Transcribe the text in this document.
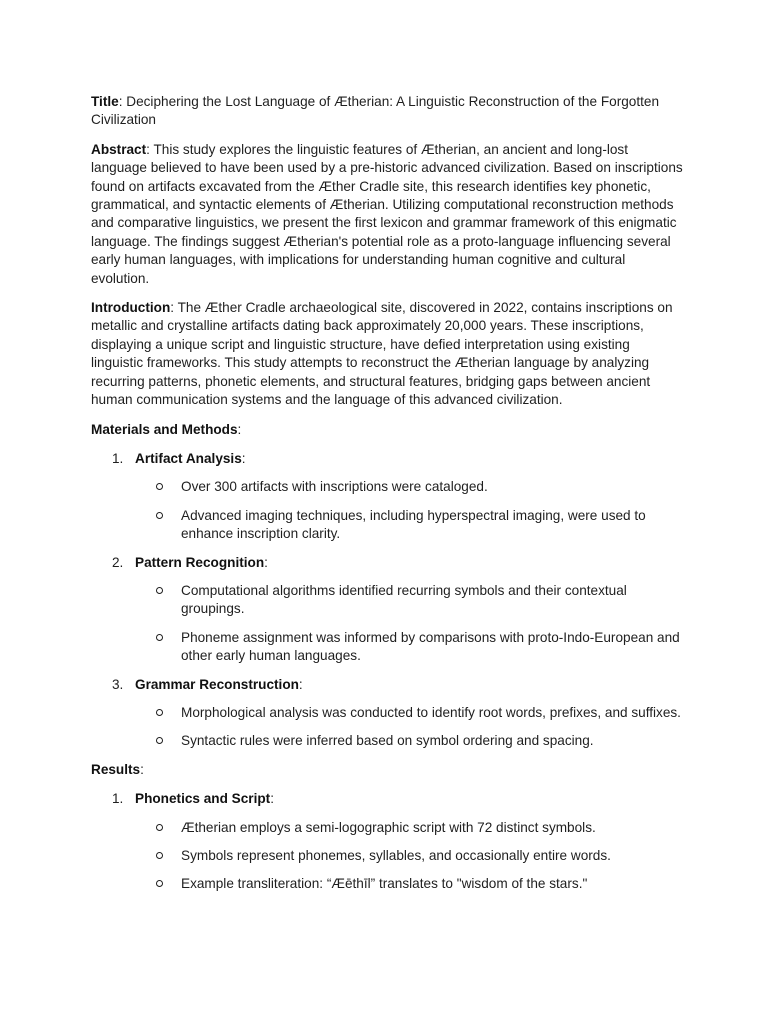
Title: Deciphering the Lost Language of Ætherian: A Linguistic Reconstruction of the Forgotten Civilization

Abstract: This study explores the linguistic features of Ætherian, an ancient and long-lost language believed to have been used by a pre-historic advanced civilization. Based on inscriptions found on artifacts excavated from the Æther Cradle site, this research identifies key phonetic, grammatical, and syntactic elements of Ætherian. Utilizing computational reconstruction methods and comparative linguistics, we present the first lexicon and grammar framework of this enigmatic language. The findings suggest Ætherian's potential role as a proto-language influencing several early human languages, with implications for understanding human cognitive and cultural evolution.

Introduction: The Æther Cradle archaeological site, discovered in 2022, contains inscriptions on metallic and crystalline artifacts dating back approximately 20,000 years. These inscriptions, displaying a unique script and linguistic structure, have defied interpretation using existing linguistic frameworks. This study attempts to reconstruct the Ætherian language by analyzing recurring patterns, phonetic elements, and structural features, bridging gaps between ancient human communication systems and the language of this advanced civilization.

Materials and Methods:

1. Artifact Analysis:
Over 300 artifacts with inscriptions were cataloged.
Advanced imaging techniques, including hyperspectral imaging, were used to enhance inscription clarity.
2. Pattern Recognition:
Computational algorithms identified recurring symbols and their contextual groupings.
Phoneme assignment was informed by comparisons with proto-Indo-European and other early human languages.
3. Grammar Reconstruction:
Morphological analysis was conducted to identify root words, prefixes, and suffixes.
Syntactic rules were inferred based on symbol ordering and spacing.

Results:

1. Phonetics and Script:
Ætherian employs a semi-logographic script with 72 distinct symbols.
Symbols represent phonemes, syllables, and occasionally entire words.
Example transliteration: “Æēthīl” translates to "wisdom of the stars."
